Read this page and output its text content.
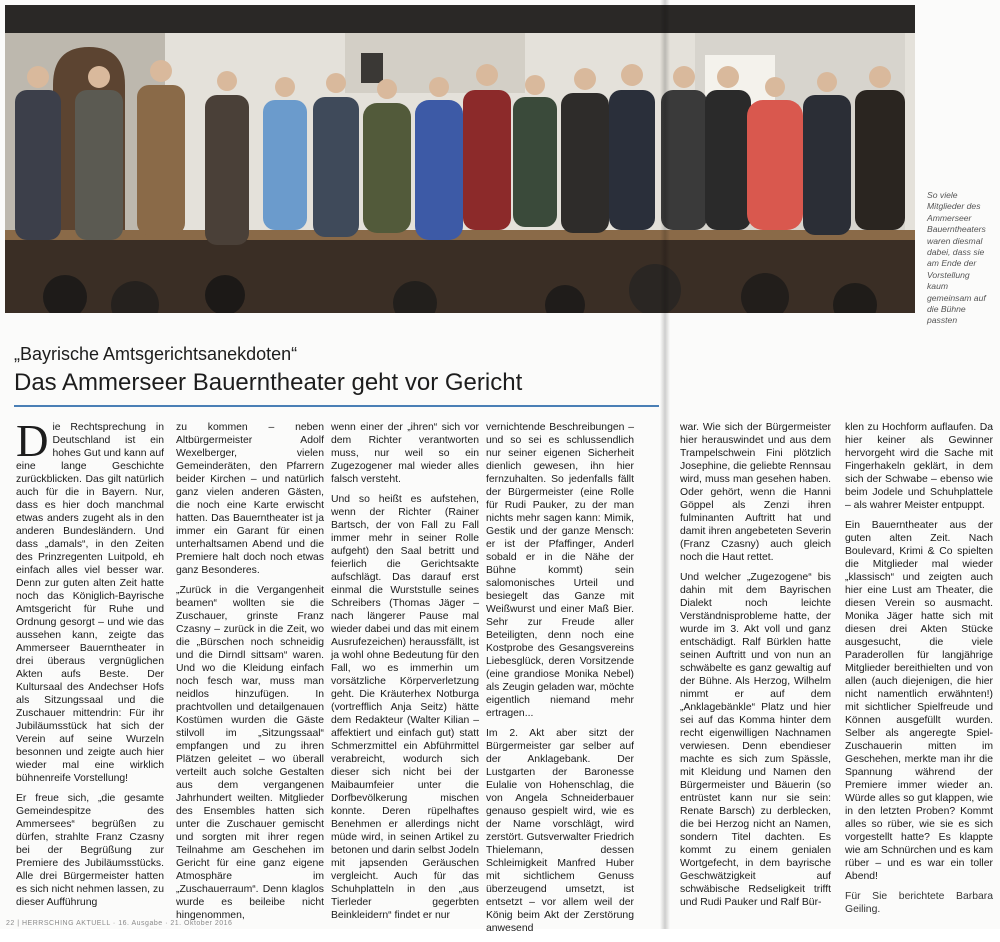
So viele Mitglieder des Ammerseer Bauerntheaters waren diesmal dabei, dass sie am Ende der Vorstellung kaum gemeinsam auf die Bühne passten
„Bayrische Amtsgerichtsanekdoten“
Das Ammerseer Bauerntheater geht vor Gericht

Die Rechtsprechung in Deutschland ist ein hohes Gut und kann auf eine lange Geschichte zurückblicken. Das gilt natürlich auch für die in Bayern. Nur, dass es hier doch manchmal etwas anders zugeht als in den anderen Bundesländern. Und dass „damals“, in den Zeiten des Prinzregenten Luitpold, eh einfach alles viel besser war. Denn zur guten alten Zeit hatte noch das Königlich-Bayrische Amtsgericht für Ruhe und Ordnung gesorgt – und wie das aussehen kann, zeigte das Ammerseer Bauerntheater in drei überaus vergnüglichen Akten aufs Beste. Der Kultursaal des Andechser Hofs als Sitzungssaal und die Zuschauer mittendrin: Für ihr Jubiläumsstück hat sich der Verein auf seine Wurzeln besonnen und zeigte auch hier wieder mal eine wirklich bühnenreife Vorstellung!

Er freue sich, „die gesamte Gemeindespitze des Ammersees“ begrüßen zu dürfen, strahlte Franz Czasny bei der Begrüßung zur Premiere des Jubiläumsstücks. Alle drei Bürgermeister hatten es sich nicht nehmen lassen, zu dieser Aufführung

zu kommen – neben Altbürgermeister Adolf Wexelberger, vielen Gemeinderäten, den Pfarrern beider Kirchen – und natürlich ganz vielen anderen Gästen, die noch eine Karte erwischt hatten. Das Bauerntheater ist ja immer ein Garant für einen unterhaltsamen Abend und die Premiere halt doch noch etwas ganz Besonderes.

„Zurück in die Vergangenheit beamen“ wollten sie die Zuschauer, grinste Franz Czasny – zurück in die Zeit, wo die „Bürschen noch schneidig und die Dirndl sittsam“ waren. Und wo die Kleidung einfach noch fesch war, muss man neidlos hinzufügen. In prachtvollen und detailgenauen Kostümen wurden die Gäste stilvoll im „Sitzungssaal“ empfangen und zu ihren Plätzen geleitet – wo überall verteilt auch solche Gestalten aus dem vergangenen Jahrhundert weilten. Mitglieder des Ensembles hatten sich unter die Zuschauer gemischt und sorgten mit ihrer regen Teilnahme am Geschehen im Gericht für eine ganz eigene Atmosphäre im „Zuschauerraum“. Denn klaglos wurde es beileibe nicht hingenommen,

wenn einer der „ihren“ sich vor dem Richter verantworten muss, nur weil so ein Zugezogener mal wieder alles falsch versteht.

Und so heißt es aufstehen, wenn der Richter (Rainer Bartsch, der von Fall zu Fall immer mehr in seiner Rolle aufgeht) den Saal betritt und feierlich die Gerichtsakte aufschlägt. Das darauf erst einmal die Wurststulle seines Schreibers (Thomas Jäger – nach längerer Pause mal wieder dabei und das mit einem Ausrufezeichen) heraussfällt, ist ja wohl ohne Bedeutung für den Fall, wo es immerhin um vorsätzliche Körperverletzung geht. Die Kräuterhex Notburga (vortrefflich Anja Seitz) hätte dem Redakteur (Walter Kilian – affektiert und einfach gut) statt Schmerzmittel ein Abführmittel verabreicht, wodurch sich dieser sich nicht bei der Maibaumfeier unter die Dorfbevölkerung mischen konnte. Deren rüpelhaftes Benehmen er allerdings nicht müde wird, in seinen Artikel zu betonen und darin selbst Jodeln mit japsenden Geräuschen vergleicht. Auch für das Schuhplatteln in den „aus Tierleder gegerbten Beinkleidern“ findet er nur

vernichtende Beschreibungen – und so sei es schlussendlich nur seiner eigenen Sicherheit dienlich gewesen, ihn hier fernzuhalten. So jedenfalls fällt der Bürgermeister (eine Rolle für Rudi Pauker, zu der man nichts mehr sagen kann: Mimik, Gestik und der ganze Mensch: er ist der Pfaffinger, Anderl sobald er in die Nähe der Bühne kommt) sein salomonisches Urteil und besiegelt das Ganze mit Weißwurst und einer Maß Bier. Sehr zur Freude aller Beteiligten, denn noch eine Kostprobe des Gesangsvereins Liebesglück, deren Vorsitzende (eine grandiose Monika Nebel) als Zeugin geladen war, möchte eigentlich niemand mehr ertragen...

Im 2. Akt aber sitzt der Bürgermeister gar selber auf der Anklagebank. Der Lustgarten der Baronesse Eulalie von Hohenschlag, die von Angela Schneiderbauer genauso gespielt wird, wie es der Name vorschlägt, wird zerstört. Gutsverwalter Friedrich Thielemann, dessen Schleimigkeit Manfred Huber mit sichtlichem Genuss überzeugend umsetzt, ist entsetzt – vor allem weil der König beim Akt der Zerstörung anwesend

war. Wie sich der Bürgermeister hier herauswindet und aus dem Trampelschwein Fini plötzlich Josephine, die geliebte Rennsau wird, muss man gesehen haben. Oder gehört, wenn die Hanni Göppel als Zenzi ihren fulminanten Auftritt hat und damit ihren angebeteten Severin (Franz Czasny) auch gleich noch die Haut rettet.

Und welcher „Zugezogene“ bis dahin mit dem Bayrischen Dialekt noch leichte Verständnisprobleme hatte, der wurde im 3. Akt voll und ganz entschädigt. Ralf Bürklen hatte seinen Auftritt und von nun an schwäbelte es ganz gewaltig auf der Bühne. Als Herzog, Wilhelm nimmt er auf dem „Anklagebänkle“ Platz und hier sei auf das Komma hinter dem recht eigenwilligen Nachnamen verwiesen. Denn ebendieser machte es sich zum Spässle, mit Kleidung und Namen den Bürgermeister und Bäuerin (so entrüstet kann nur sie sein: Renate Barsch) zu derblecken, die bei Herzog nicht an Namen, sondern Titel dachten. Es kommt zu einem genialen Wortgefecht, in dem bayrische Geschwätzigkeit auf schwäbische Redseligkeit trifft und Rudi Pauker und Ralf Bür-

klen zu Hochform auflaufen. Da hier keiner als Gewinner hervorgeht wird die Sache mit Fingerhakeln geklärt, in dem sich der Schwabe – ebenso wie beim Jodele und Schuhplattele – als wahrer Meister entpuppt.

Ein Bauerntheater aus der guten alten Zeit. Nach Boulevard, Krimi & Co spielten die Mitglieder mal wieder „klassisch“ und zeigten auch hier eine Lust am Theater, die diesen Verein so ausmacht. Monika Jäger hatte sich mit diesen drei Akten Stücke ausgesucht, die viele Paraderollen für langjährige Mitglieder bereithielten und von allen (auch diejenigen, die hier nicht namentlich erwähnten!) mit sichtlicher Spielfreude und Können ausgefüllt wurden. Selber als angeregte Spiel-Zuschauerin mitten im Geschehen, merkte man ihr die Spannung während der Premiere immer wieder an. Würde alles so gut klappen, wie in den letzten Proben? Kommt alles so rüber, wie sie es sich vorgestellt hatte? Es klappte wie am Schnürchen und es kam rüber – und es war ein toller Abend!

Für Sie berichtete Barbara Geiling.

22 | HERRSCHING AKTUELL · 16. Ausgabe · 21. Oktober 2016
